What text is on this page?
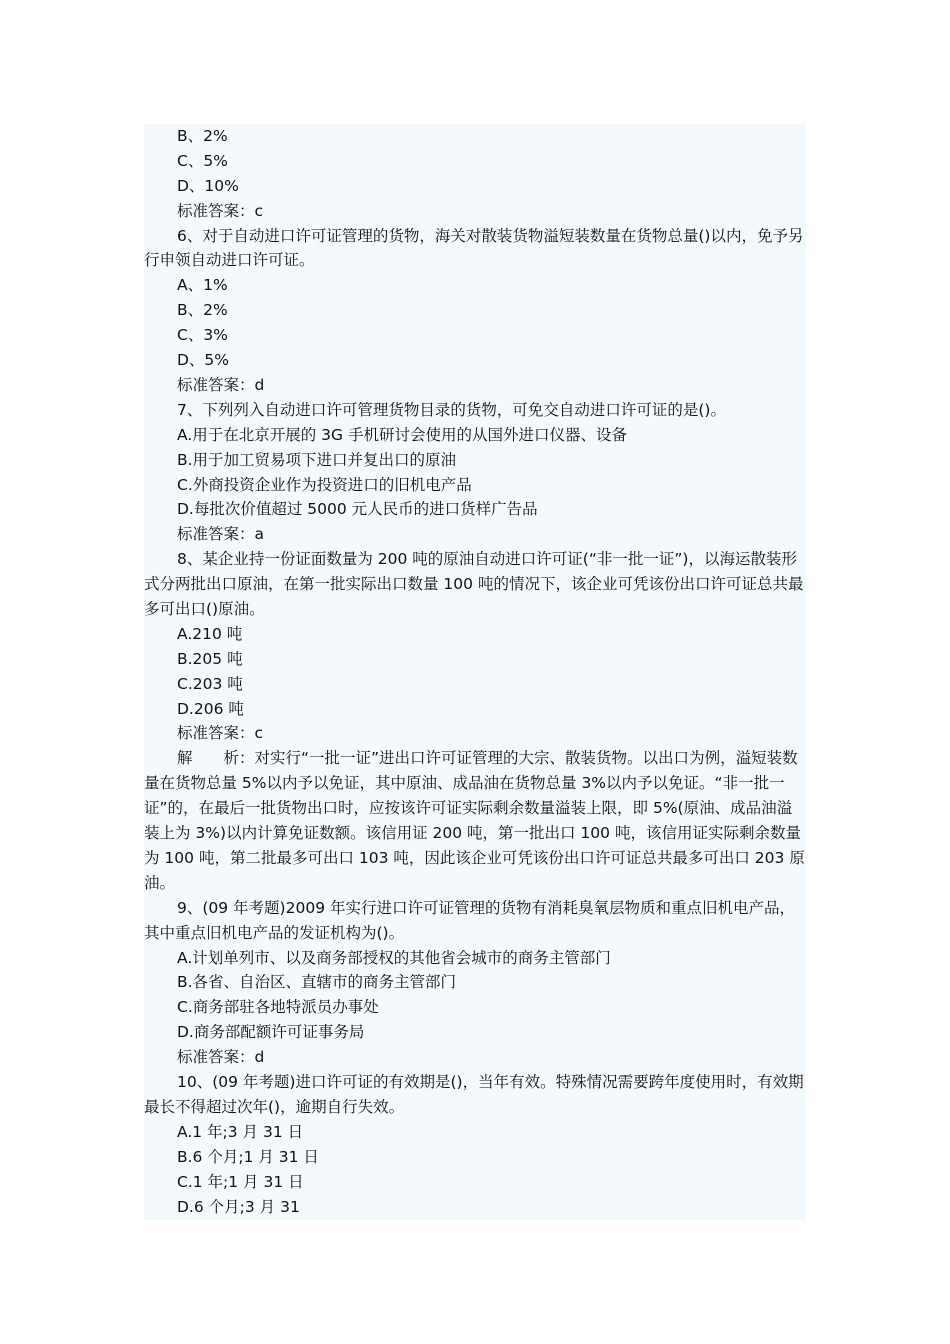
B、2%
C、5%
D、10%
标准答案：c
6、对于自动进口许可证管理的货物，海关对散装货物溢短装数量在货物总量()以内，免予另行申领自动进口许可证。
A、1%
B、2%
C、3%
D、5%
标准答案：d
7、下列列入自动进口许可管理货物目录的货物，可免交自动进口许可证的是()。
A.用于在北京开展的 3G 手机研讨会使用的从国外进口仪器、设备
B.用于加工贸易项下进口并复出口的原油
C.外商投资企业作为投资进口的旧机电产品
D.每批次价值超过 5000 元人民币的进口货样广告品
标准答案：a
8、某企业持一份证面数量为 200 吨的原油自动进口许可证(“非一批一证”)，以海运散装形式分两批出口原油，在第一批实际出口数量 100 吨的情况下，该企业可凭该份出口许可证总共最多可出口()原油。
A.210 吨
B.205 吨
C.203 吨
D.206 吨
标准答案：c
解　　析：对实行“一批一证”进出口许可证管理的大宗、散装货物。以出口为例，溢短装数量在货物总量 5%以内予以免证，其中原油、成品油在货物总量 3%以内予以免证。“非一批一证”的，在最后一批货物出口时，应按该许可证实际剩余数量溢装上限，即 5%(原油、成品油溢装上为 3%)以内计算免证数额。该信用证 200 吨，第一批出口 100 吨，该信用证实际剩余数量为 100 吨，第二批最多可出口 103 吨，因此该企业可凭该份出口许可证总共最多可出口 203 原油。
9、(09 年考题)2009 年实行进口许可证管理的货物有消耗臭氧层物质和重点旧机电产品，其中重点旧机电产品的发证机构为()。
A.计划单列市、以及商务部授权的其他省会城市的商务主管部门
B.各省、自治区、直辖市的商务主管部门
C.商务部驻各地特派员办事处
D.商务部配额许可证事务局
标准答案：d
10、(09 年考题)进口许可证的有效期是()，当年有效。特殊情况需要跨年度使用时，有效期最长不得超过次年()，逾期自行失效。
A.1 年;3 月 31 日
B.6 个月;1 月 31 日
C.1 年;1 月 31 日
D.6 个月;3 月 31
